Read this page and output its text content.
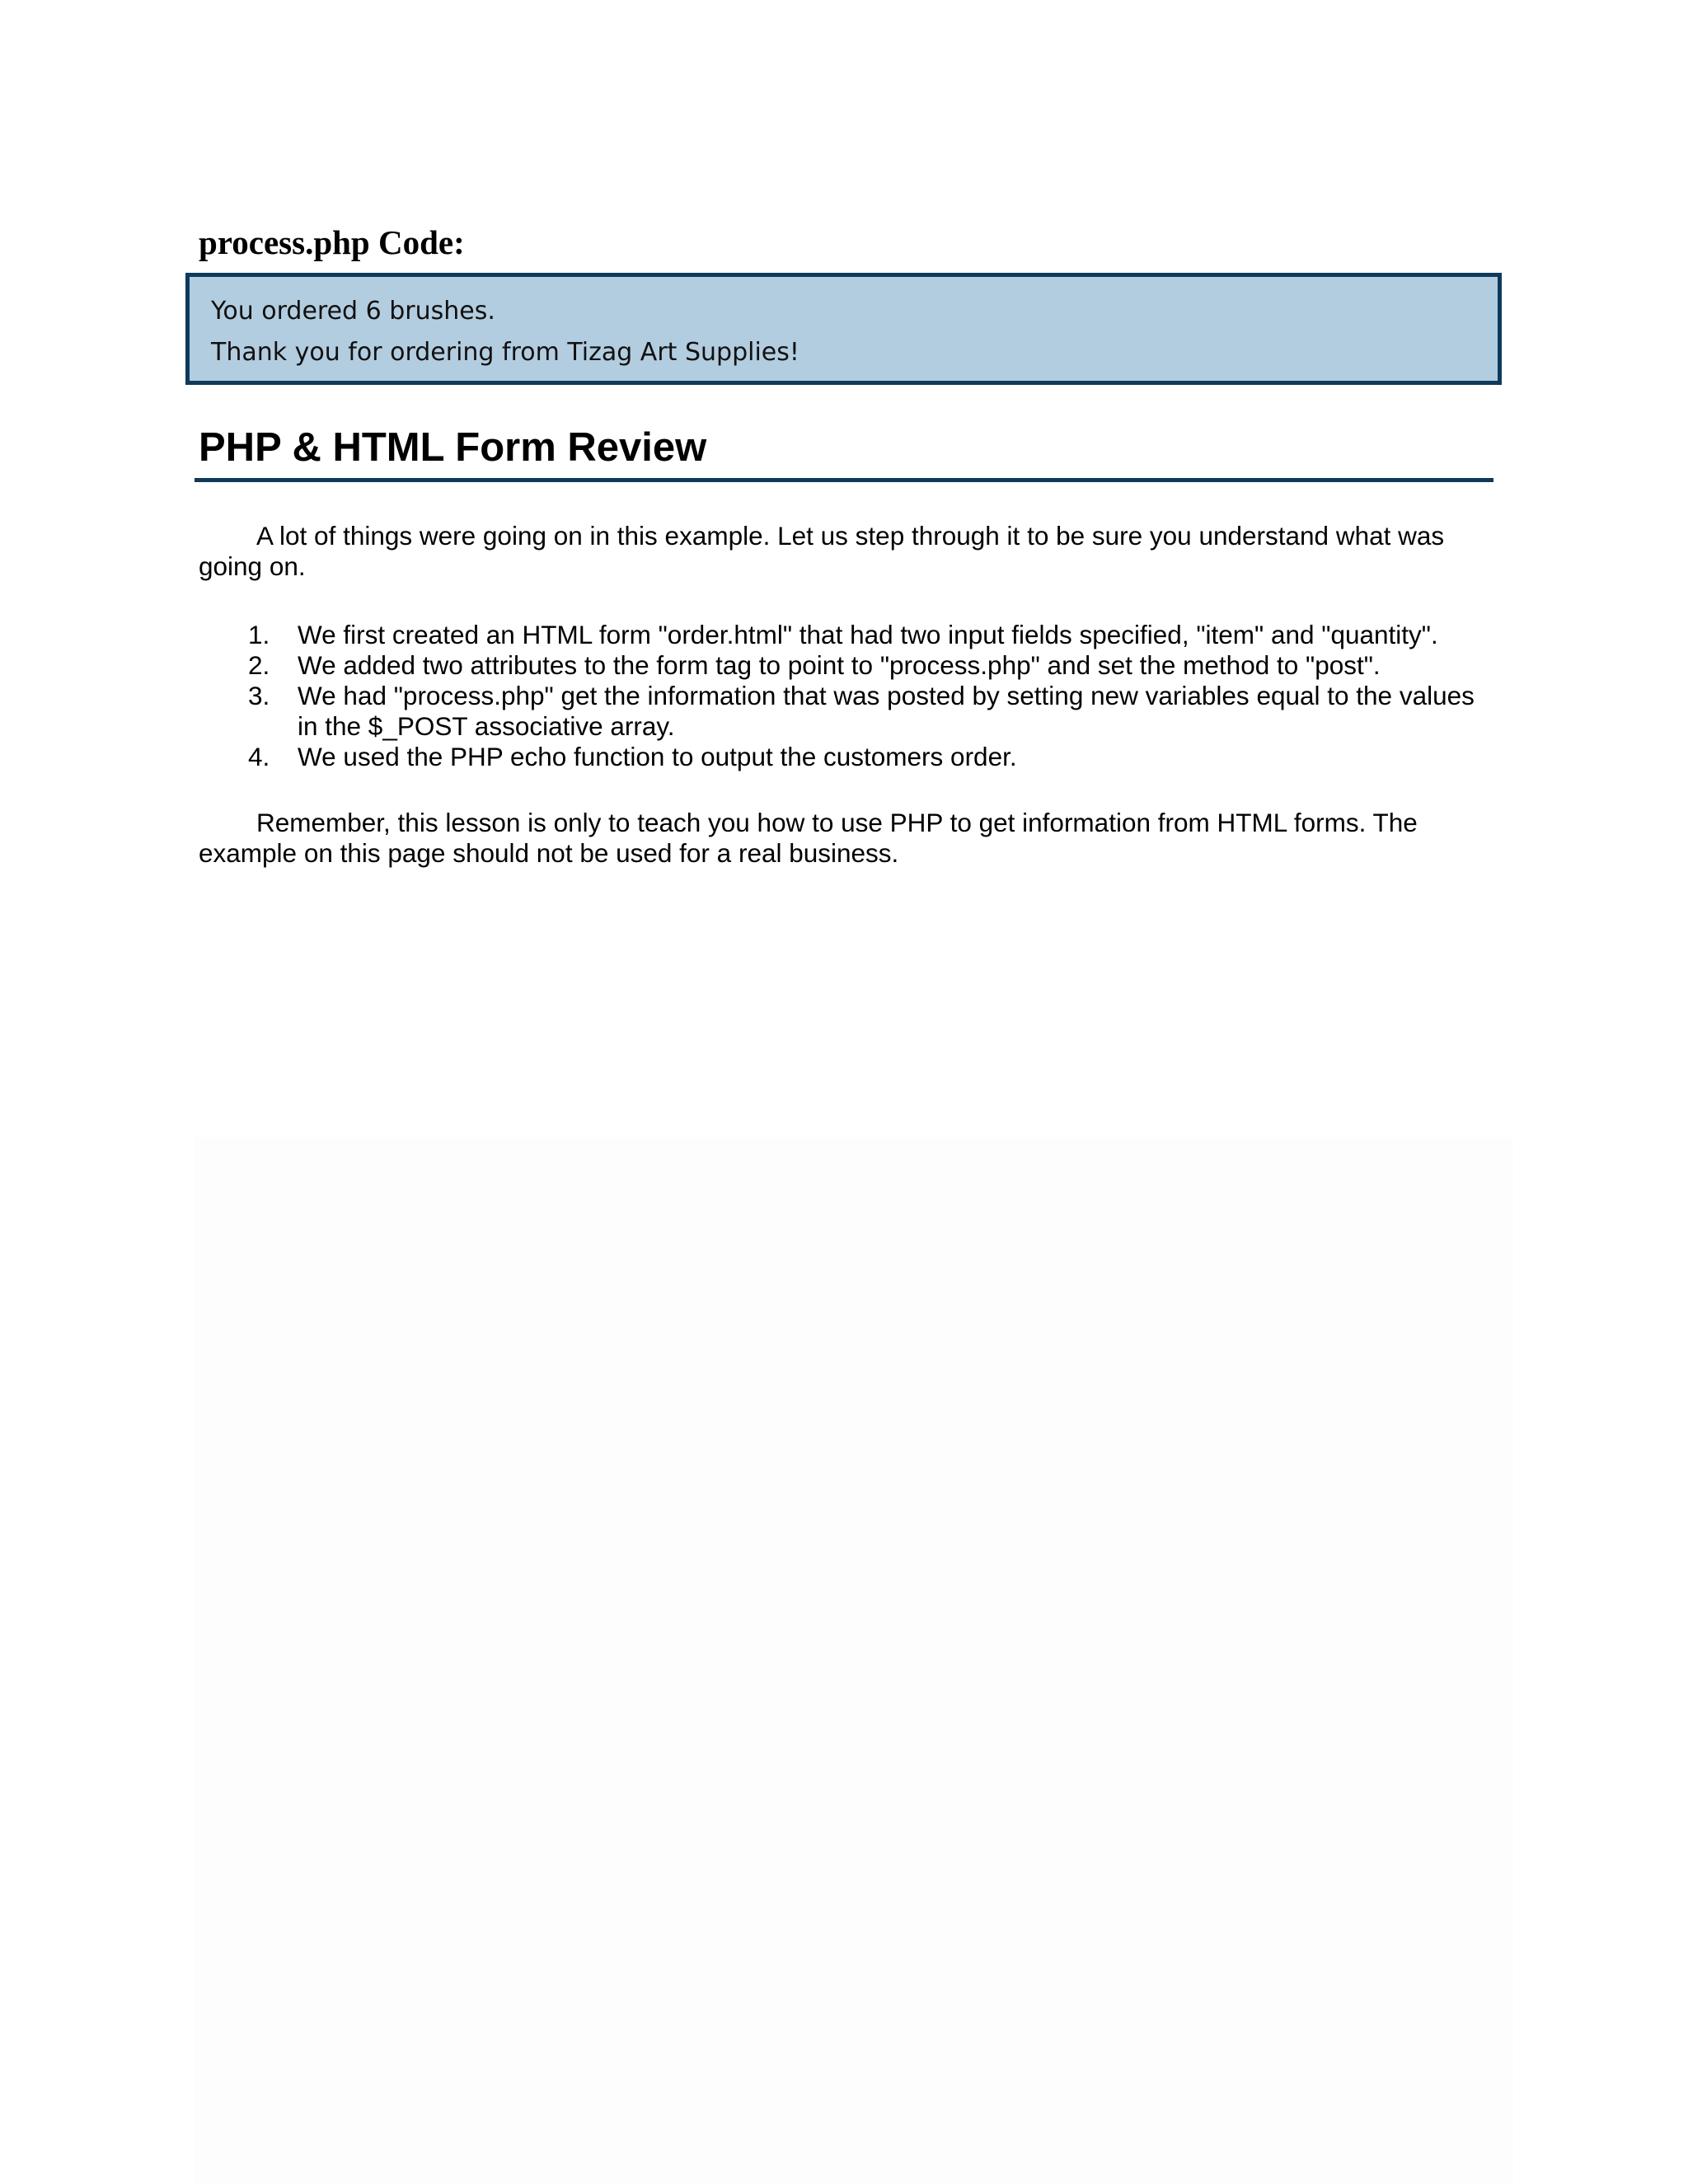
process.php Code:
You ordered 6 brushes.
Thank you for ordering from Tizag Art Supplies!
PHP & HTML Form Review

A lot of things were going on in this example. Let us step through it to be sure you understand what was going on.

1. We first created an HTML form "order.html" that had two input fields specified, "item" and "quantity".
2. We added two attributes to the form tag to point to "process.php" and set the method to "post".
3. We had "process.php" get the information that was posted by setting new variables equal to the values in the $_POST associative array.
4. We used the PHP echo function to output the customers order.

Remember, this lesson is only to teach you how to use PHP to get information from HTML forms. The example on this page should not be used for a real business.
